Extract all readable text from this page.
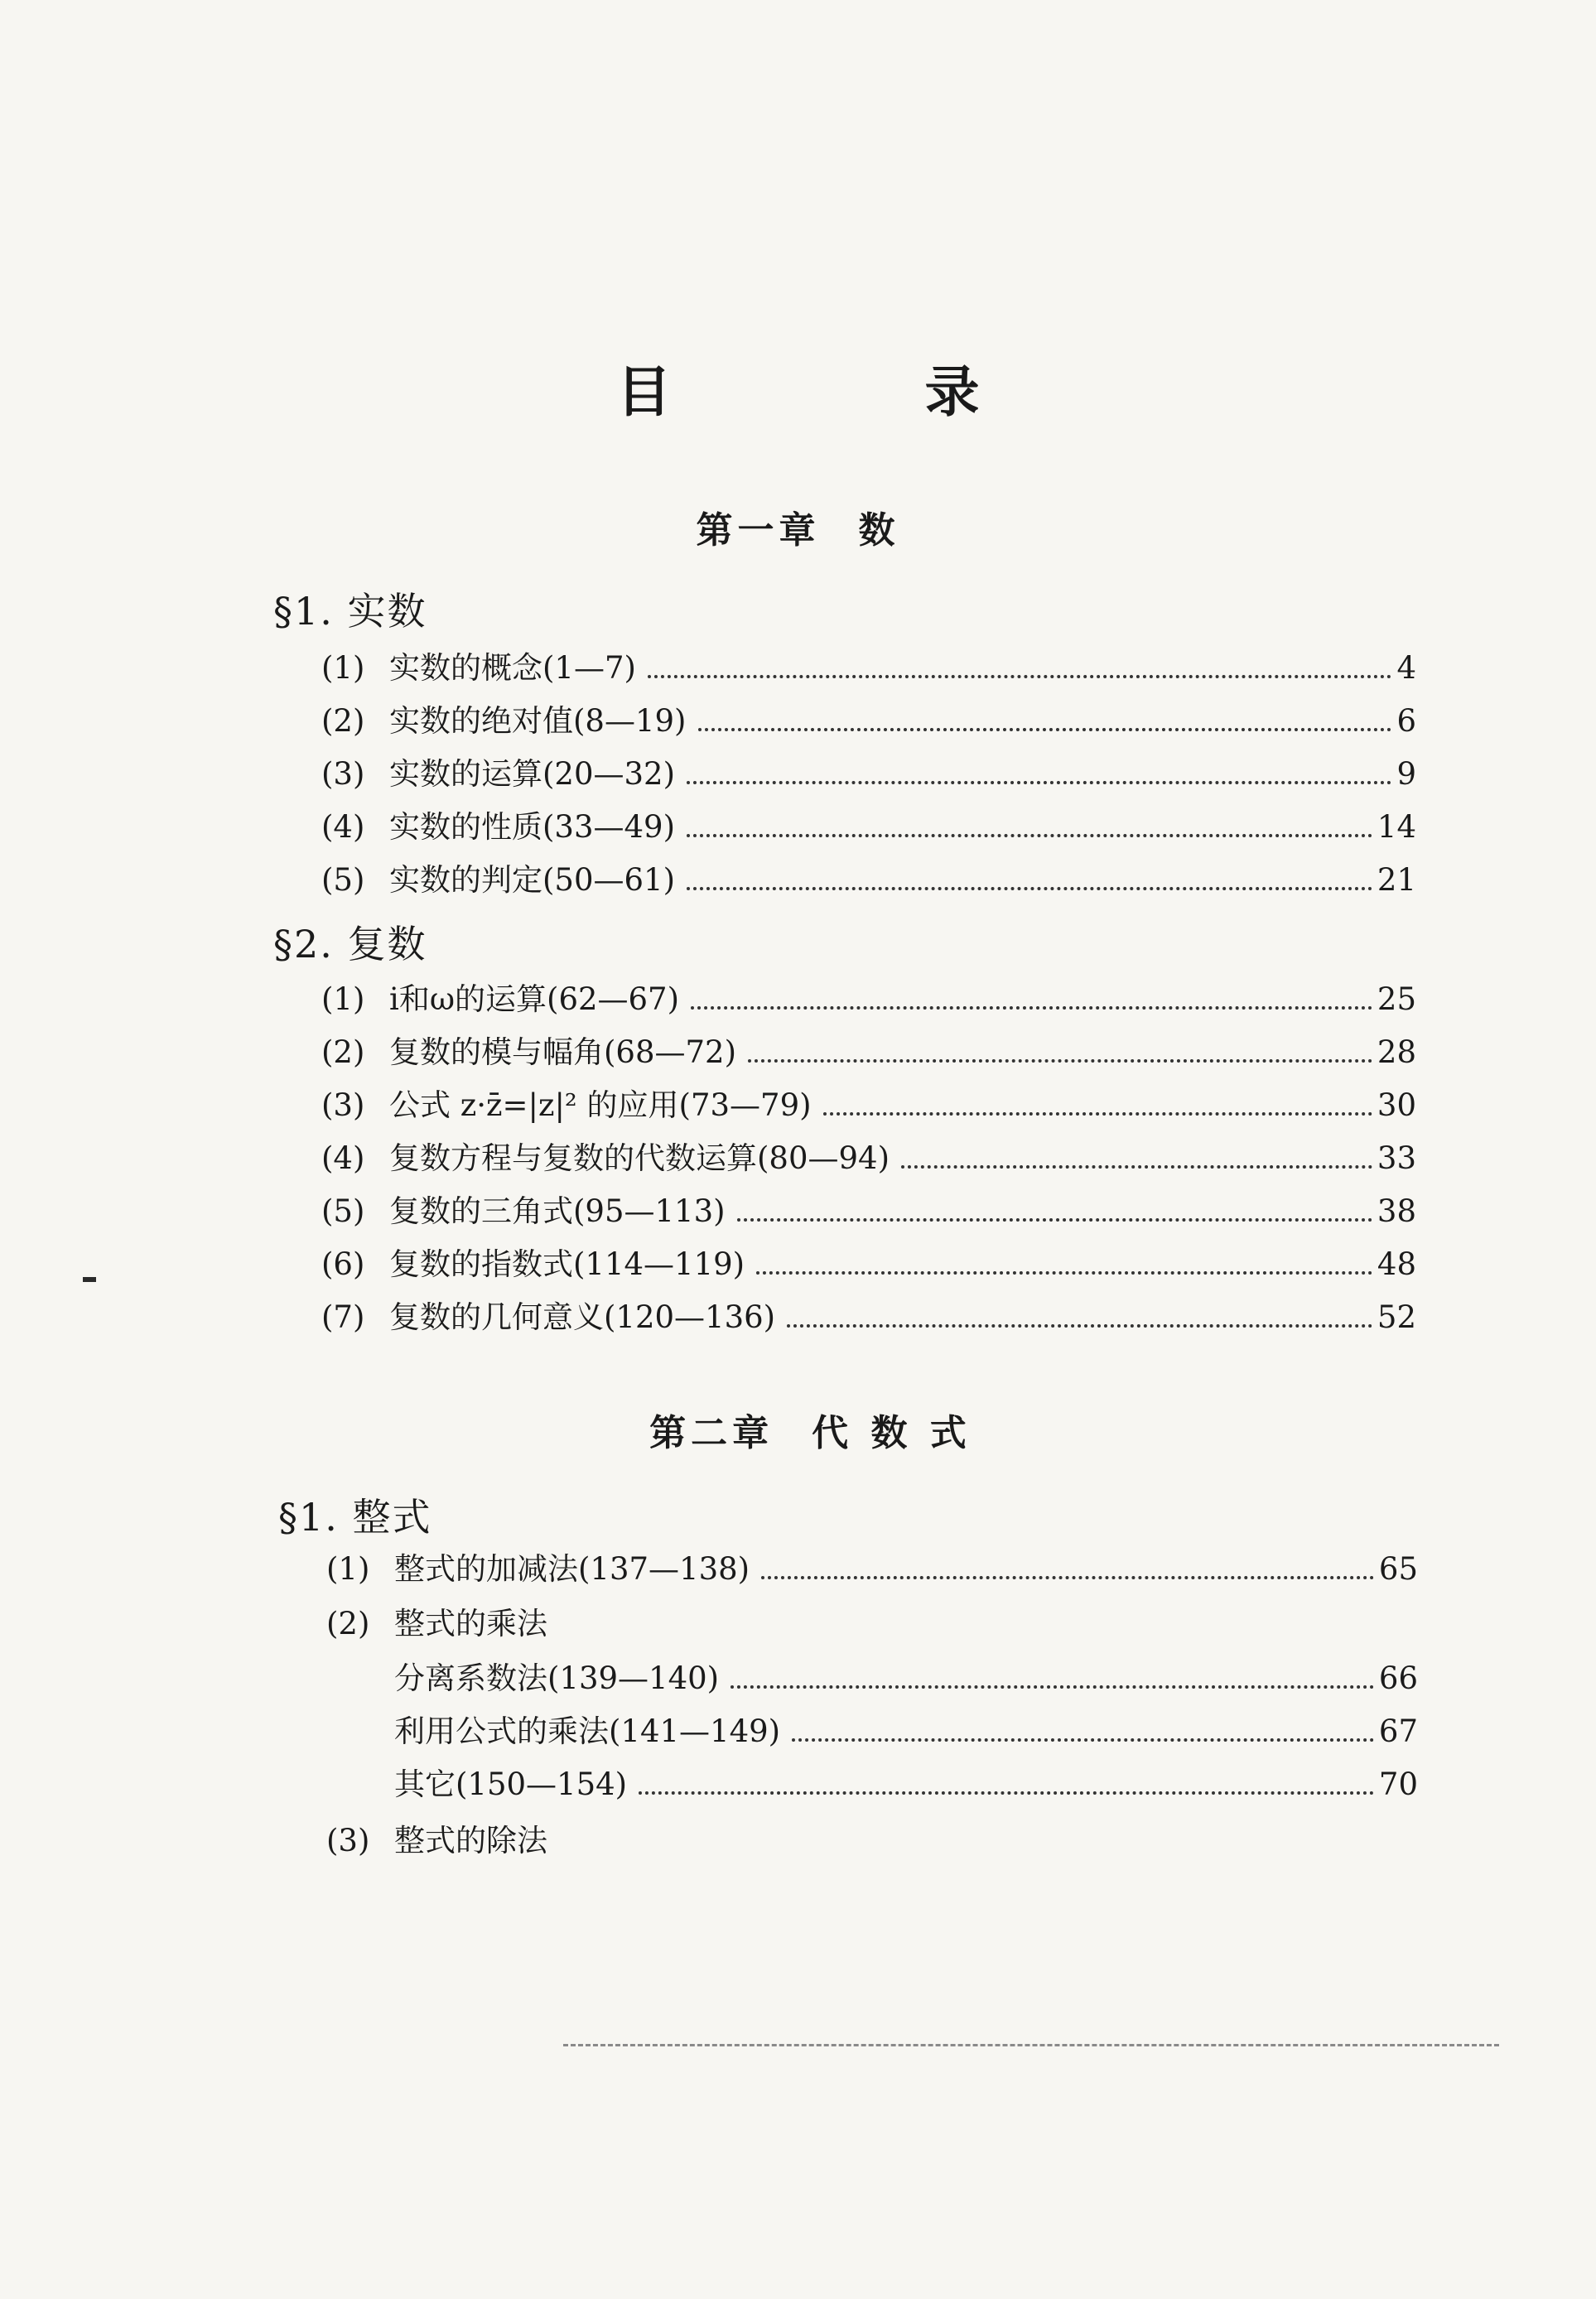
目　录
第一章 数
§1. 实数
(1) 实数的概念(1—7)	4
(2) 实数的绝对值(8—19)	6
(3) 实数的运算(20—32)	9
(4) 实数的性质(33—49)	14
(5) 实数的判定(50—61)	21
§2. 复数
(1) i和ω的运算(62—67)	25
(2) 复数的模与幅角(68—72)	28
(3) 公式 z·z̄=|z|² 的应用(73—79)	30
(4) 复数方程与复数的代数运算(80—94)	33
(5) 复数的三角式(95—113)	38
(6) 复数的指数式(114—119)	48
(7) 复数的几何意义(120—136)	52
第二章 代 数 式
§1. 整式
(1) 整式的加减法(137—138)	65
(2) 整式的乘法
分离系数法(139—140)	66
利用公式的乘法(141—149)	67
其它(150—154)	70
(3) 整式的除法
